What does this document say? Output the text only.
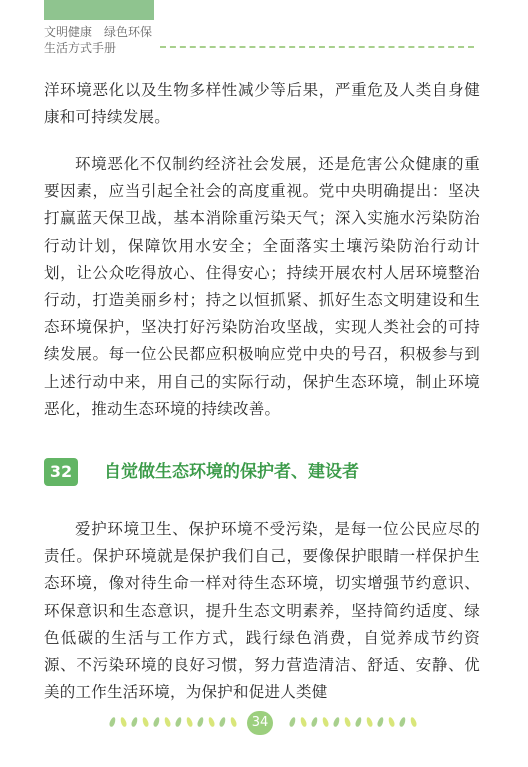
文明健康　绿色环保
生活方式手册

洋环境恶化以及生物多样性减少等后果，严重危及人类自身健康和可持续发展。

环境恶化不仅制约经济社会发展，还是危害公众健康的重要因素，应当引起全社会的高度重视。党中央明确提出：坚决打赢蓝天保卫战，基本消除重污染天气；深入实施水污染防治行动计划，保障饮用水安全；全面落实土壤污染防治行动计划，让公众吃得放心、住得安心；持续开展农村人居环境整治行动，打造美丽乡村；持之以恒抓紧、抓好生态文明建设和生态环境保护，坚决打好污染防治攻坚战，实现人类社会的可持续发展。每一位公民都应积极响应党中央的号召，积极参与到上述行动中来，用自己的实际行动，保护生态环境，制止环境恶化，推动生态环境的持续改善。

32	自觉做生态环境的保护者、建设者

爱护环境卫生、保护环境不受污染，是每一位公民应尽的责任。保护环境就是保护我们自己，要像保护眼睛一样保护生态环境，像对待生命一样对待生态环境，切实增强节约意识、环保意识和生态意识，提升生态文明素养，坚持简约适度、绿色低碳的生活与工作方式，践行绿色消费，自觉养成节约资源、不污染环境的良好习惯，努力营造清洁、舒适、安静、优美的工作生活环境，为保护和促进人类健

34
